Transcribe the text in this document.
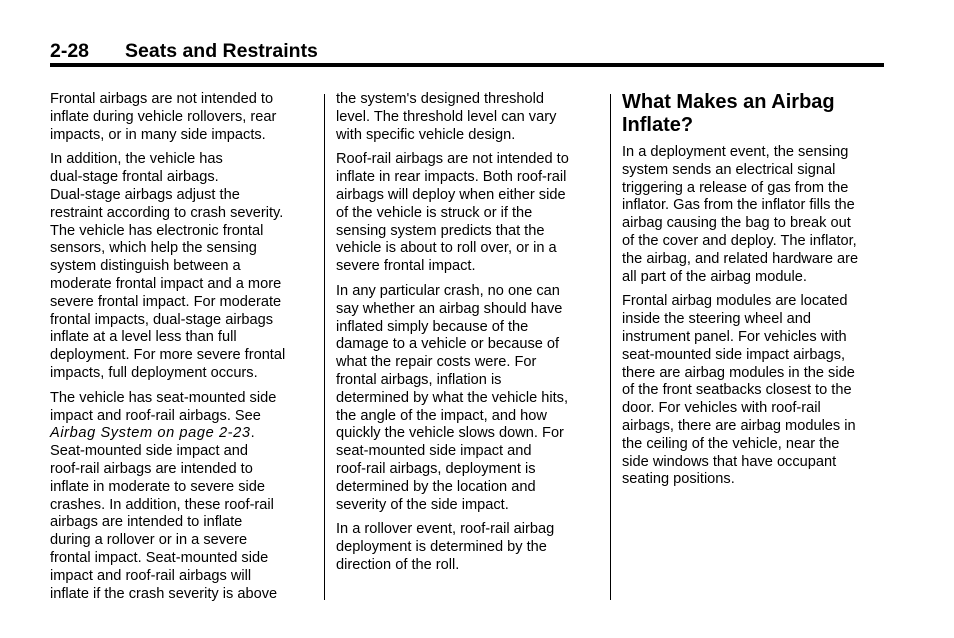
2-28 Seats and Restraints

Frontal airbags are not intended to
inflate during vehicle rollovers, rear
impacts, or in many side impacts.

In addition, the vehicle has
dual-stage frontal airbags.
Dual-stage airbags adjust the
restraint according to crash severity.
The vehicle has electronic frontal
sensors, which help the sensing
system distinguish between a
moderate frontal impact and a more
severe frontal impact. For moderate
frontal impacts, dual-stage airbags
inflate at a level less than full
deployment. For more severe frontal
impacts, full deployment occurs.

The vehicle has seat-mounted side
impact and roof-rail airbags. See
Airbag System on page 2-23.
Seat-mounted side impact and
roof-rail airbags are intended to
inflate in moderate to severe side
crashes. In addition, these roof-rail
airbags are intended to inflate
during a rollover or in a severe
frontal impact. Seat-mounted side
impact and roof-rail airbags will
inflate if the crash severity is above

the system's designed threshold
level. The threshold level can vary
with specific vehicle design.

Roof-rail airbags are not intended to
inflate in rear impacts. Both roof-rail
airbags will deploy when either side
of the vehicle is struck or if the
sensing system predicts that the
vehicle is about to roll over, or in a
severe frontal impact.

In any particular crash, no one can
say whether an airbag should have
inflated simply because of the
damage to a vehicle or because of
what the repair costs were. For
frontal airbags, inflation is
determined by what the vehicle hits,
the angle of the impact, and how
quickly the vehicle slows down. For
seat-mounted side impact and
roof-rail airbags, deployment is
determined by the location and
severity of the side impact.

In a rollover event, roof-rail airbag
deployment is determined by the
direction of the roll.

What Makes an Airbag
Inflate?

In a deployment event, the sensing
system sends an electrical signal
triggering a release of gas from the
inflator. Gas from the inflator fills the
airbag causing the bag to break out
of the cover and deploy. The inflator,
the airbag, and related hardware are
all part of the airbag module.

Frontal airbag modules are located
inside the steering wheel and
instrument panel. For vehicles with
seat-mounted side impact airbags,
there are airbag modules in the side
of the front seatbacks closest to the
door. For vehicles with roof-rail
airbags, there are airbag modules in
the ceiling of the vehicle, near the
side windows that have occupant
seating positions.
